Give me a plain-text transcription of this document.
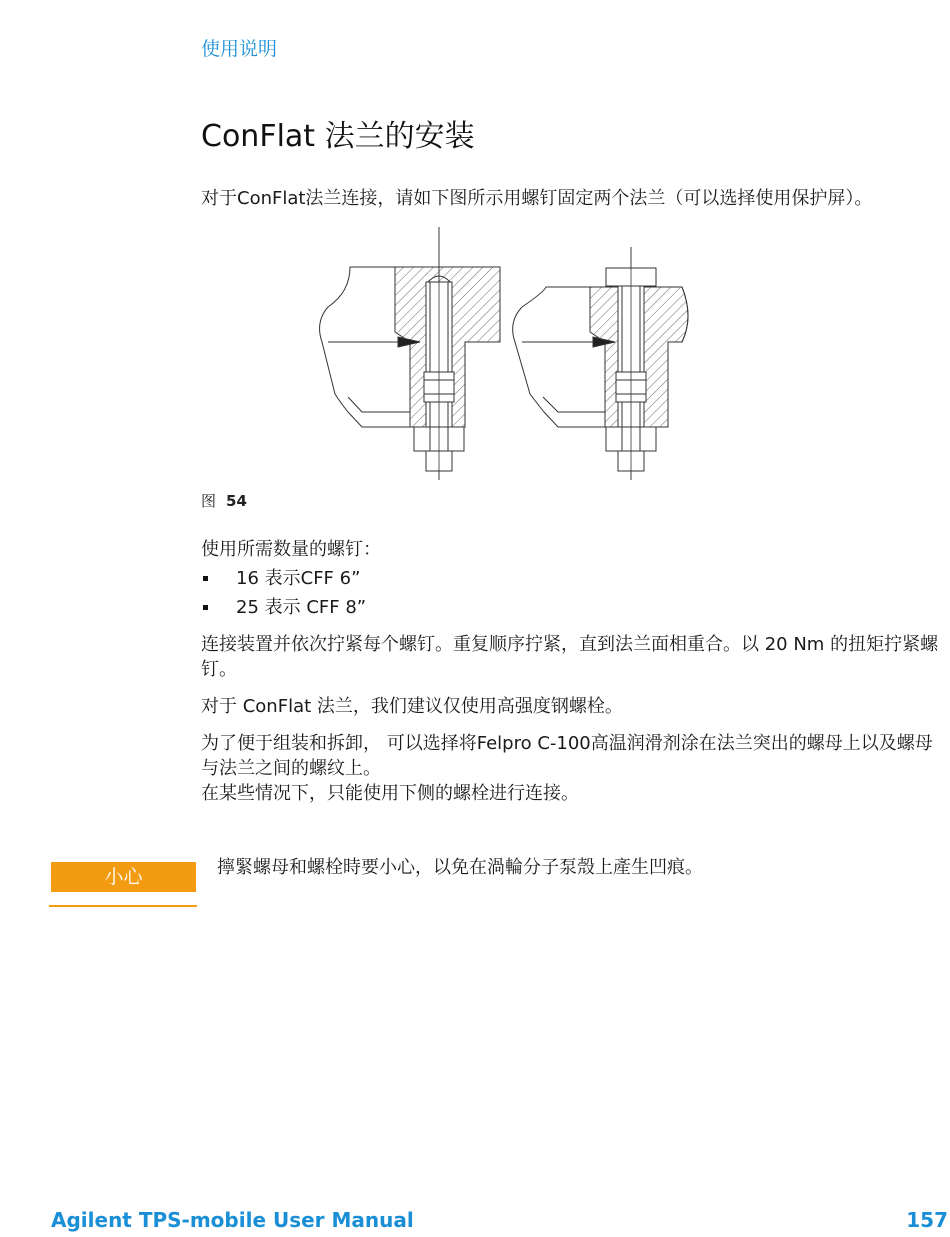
使用说明
ConFlat 法兰的安装
对于ConFlat法兰连接，请如下图所示用螺钉固定两个法兰（可以选择使用保护屏）。
图 54
使用所需数量的螺钉：
16 表示CFF 6”
25 表示 CFF 8”
连接装置并依次拧紧每个螺钉。重复顺序拧紧，直到法兰面相重合。以 20 Nm 的扭矩拧紧螺钉。
对于 ConFlat 法兰，我们建议仅使用高强度钢螺栓。
为了便于组装和拆卸， 可以选择将Felpro C-100高温润滑剂涂在法兰突出的螺母上以及螺母与法兰之间的螺纹上。
在某些情况下，只能使用下侧的螺栓进行连接。
小心	擰緊螺母和螺栓時要小心，以免在渦輪分子泵殼上產生凹痕。
Agilent TPS-mobile User Manual	157
